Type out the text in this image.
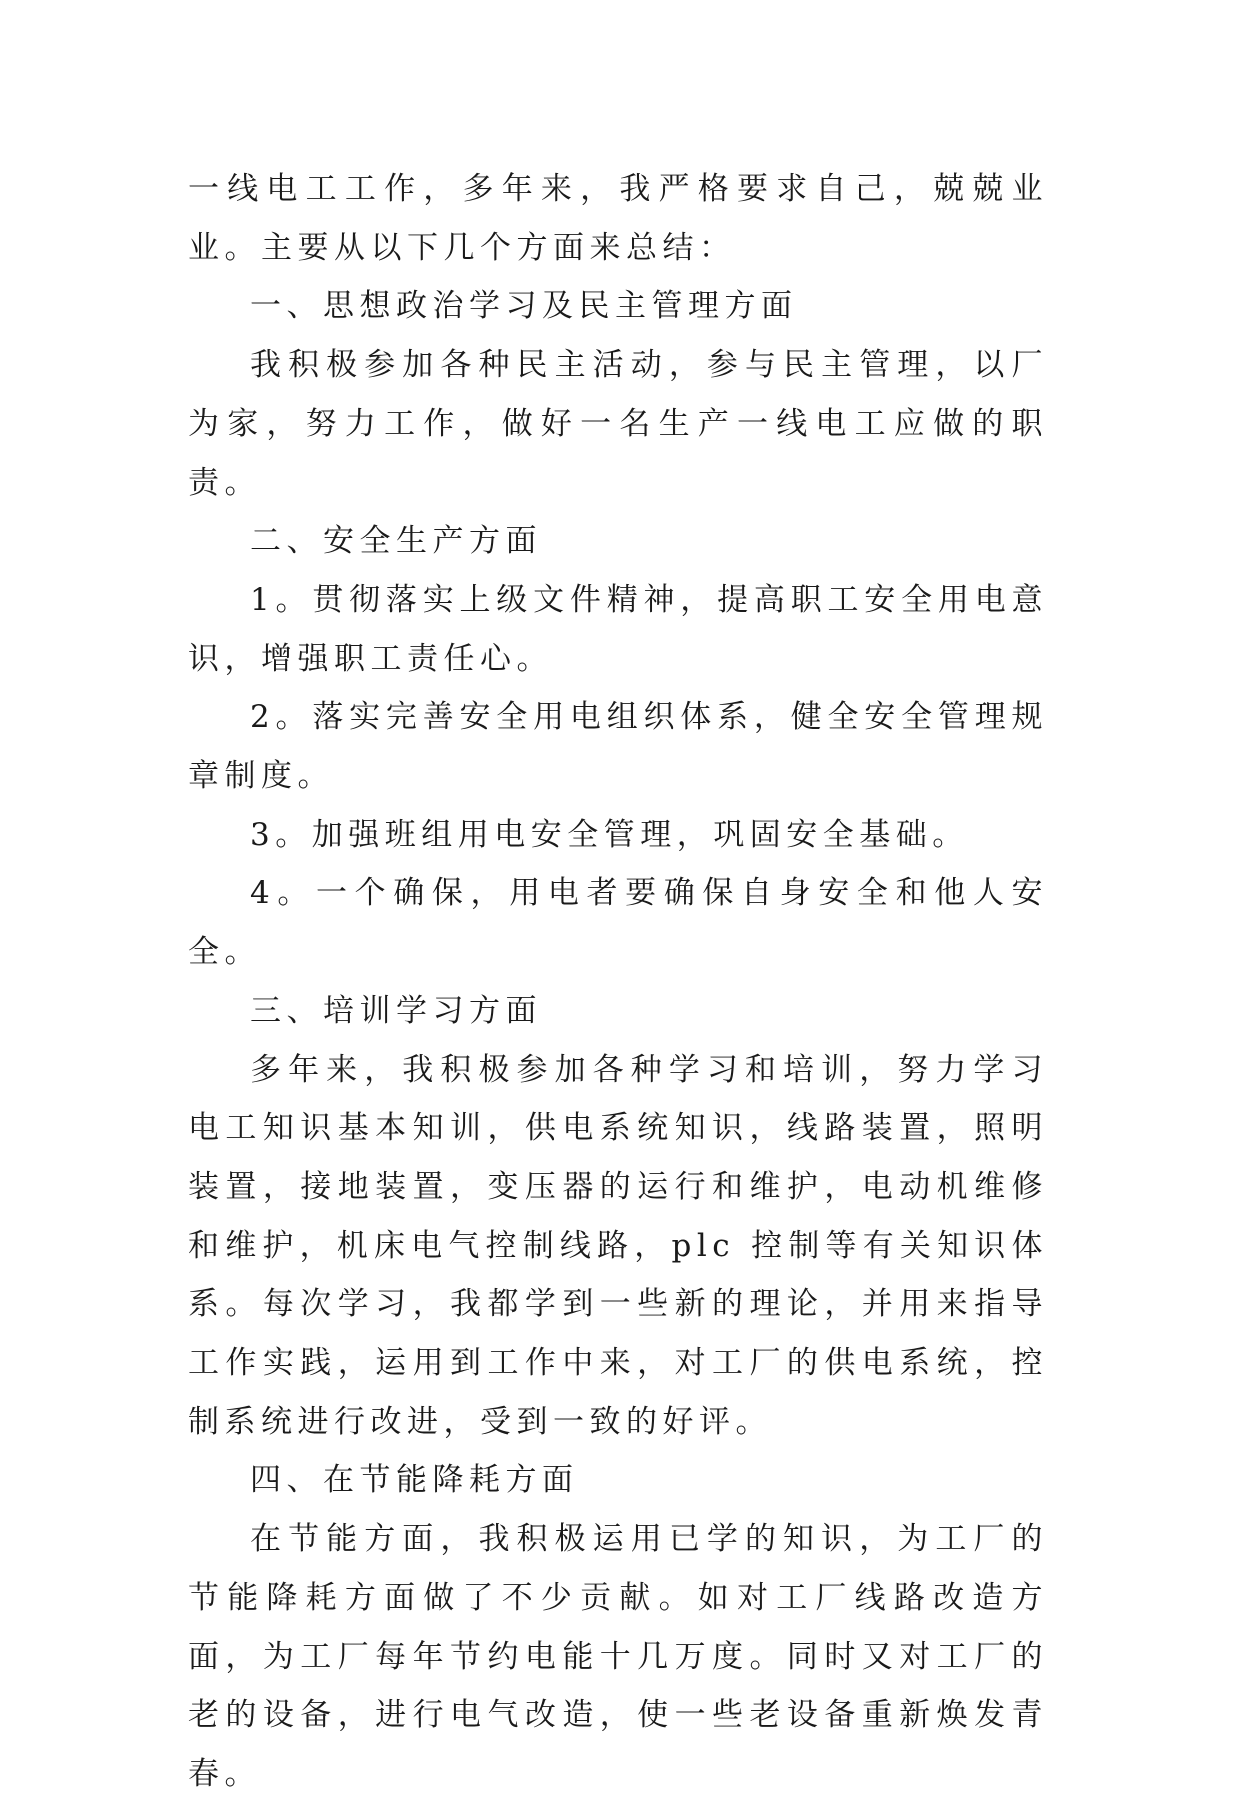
一线电工工作，多年来，我严格要求自己，兢兢业业。主要从以下几个方面来总结：

一、思想政治学习及民主管理方面

我积极参加各种民主活动，参与民主管理，以厂为家，努力工作，做好一名生产一线电工应做的职责。

二、安全生产方面

1。贯彻落实上级文件精神，提高职工安全用电意识，增强职工责任心。

2。落实完善安全用电组织体系，健全安全管理规章制度。

3。加强班组用电安全管理，巩固安全基础。

4。一个确保，用电者要确保自身安全和他人安全。

三、培训学习方面

多年来，我积极参加各种学习和培训，努力学习电工知识基本知训，供电系统知识，线路装置，照明装置，接地装置，变压器的运行和维护，电动机维修和维护，机床电气控制线路，plc 控制等有关知识体系。每次学习，我都学到一些新的理论，并用来指导工作实践，运用到工作中来，对工厂的供电系统，控制系统进行改进，受到一致的好评。

四、在节能降耗方面

在节能方面，我积极运用已学的知识，为工厂的节能降耗方面做了不少贡献。如对工厂线路改造方面，为工厂每年节约电能十几万度。同时又对工厂的老的设备，进行电气改造，使一些老设备重新焕发青春。
